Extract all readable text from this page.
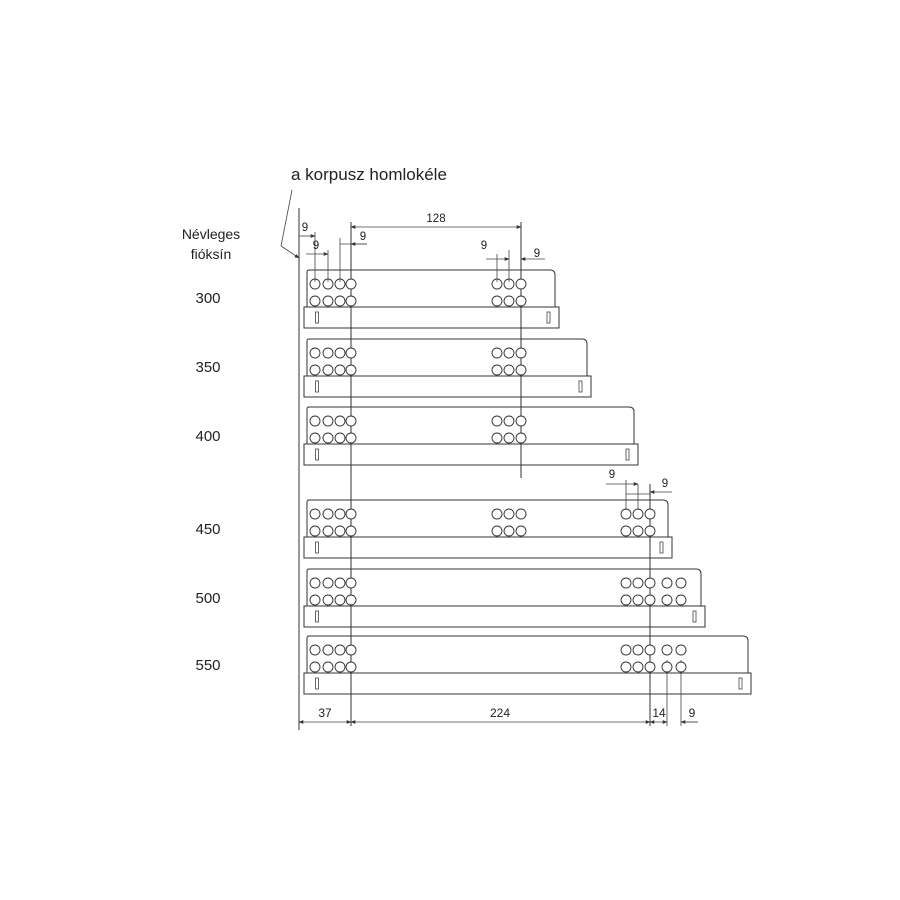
a korpusz homlokéle
Névleges
fióksín
300
350
400
450
500
550
128
9
9
9
9
9
9
9
37	224	14 9
